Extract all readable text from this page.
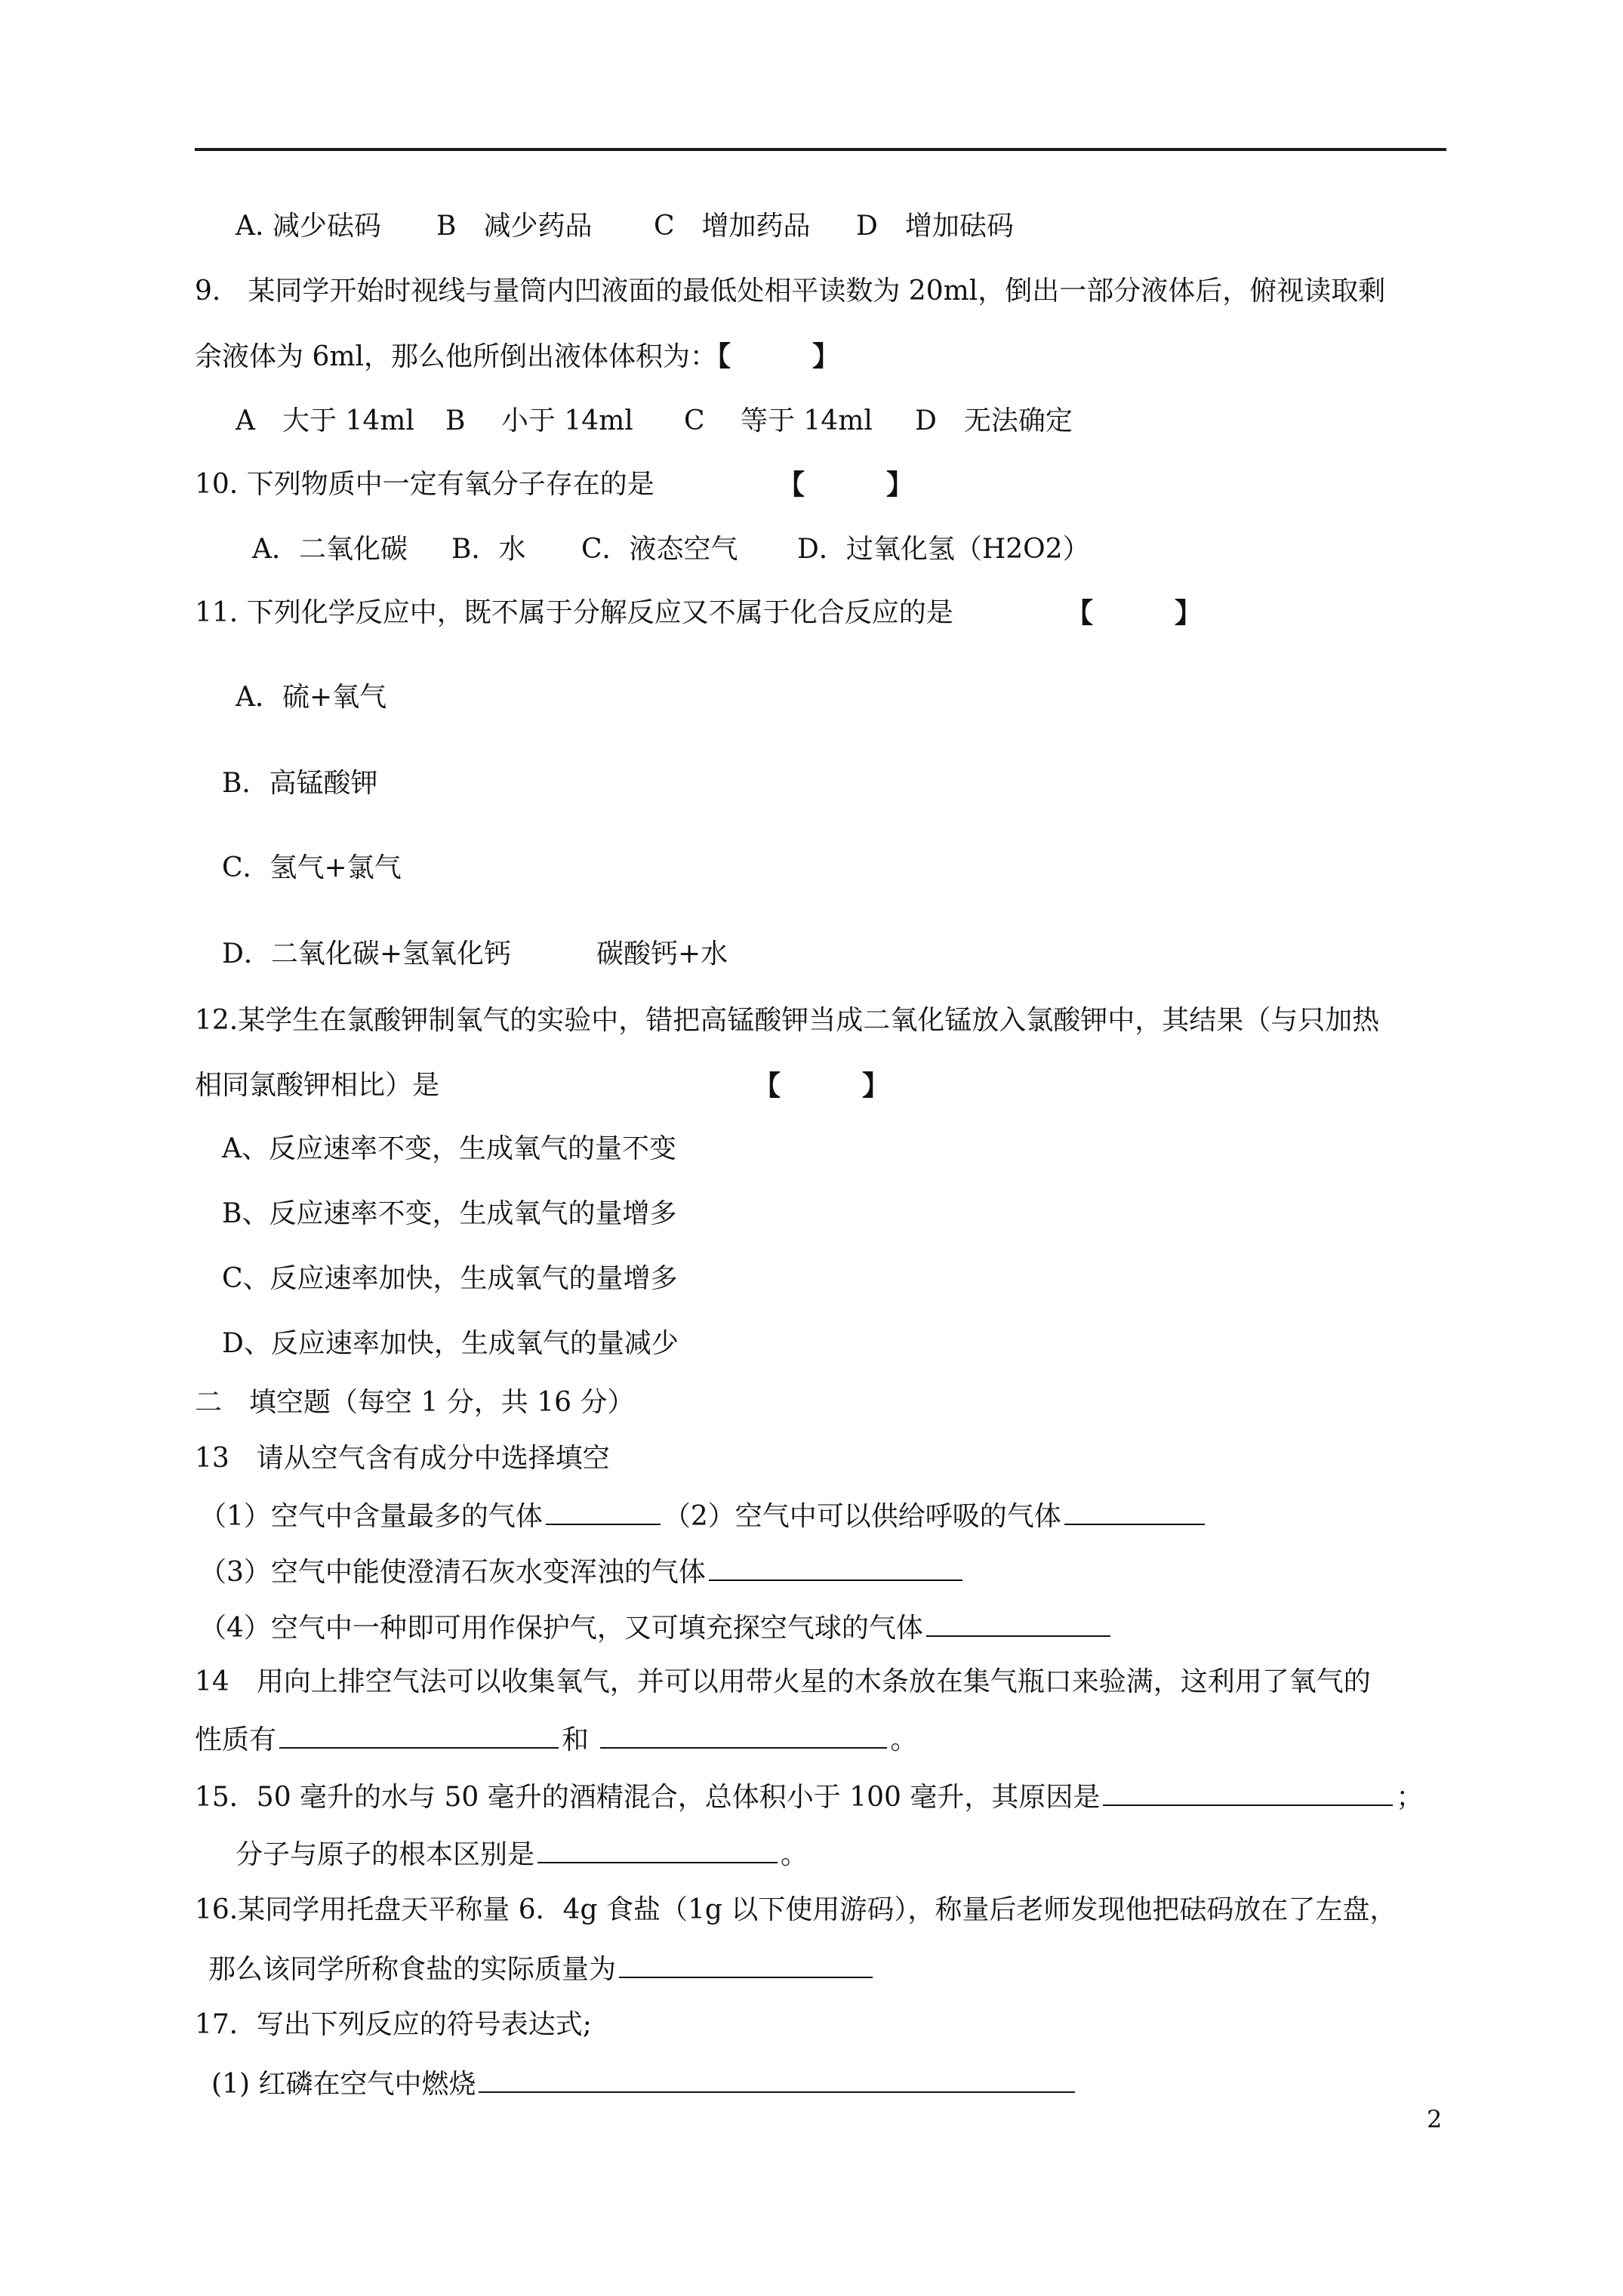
A. 减少砝码 B　减少药品 C　增加药品 D　增加砝码
9.　某同学开始时视线与量筒内凹液面的最低处相平读数为 20ml，倒出一部分液体后，俯视读取剩
余液体为 6ml，那么他所倒出液体体积为：【　　　】
A　大于 14ml B　 小于 14ml C　 等于 14ml D　无法确定
10. 下列物质中一定有氧分子存在的是	【　　　】
A．二氧化碳 B．水 C．液态空气 D．过氧化氢（H2O2）
11. 下列化学反应中，既不属于分解反应又不属于化合反应的是	【　　　】
A．硫+氧气
B．高锰酸钾
C．氢气+氯气
D．二氧化碳+氢氧化钙	碳酸钙+水
12.某学生在氯酸钾制氧气的实验中，错把高锰酸钾当成二氧化锰放入氯酸钾中，其结果（与只加热
相同氯酸钾相比）是	【　　　】
A、反应速率不变，生成氧气的量不变
B、反应速率不变，生成氧气的量增多
C、反应速率加快，生成氧气的量增多
D、反应速率加快，生成氧气的量减少
二　填空题（每空 1 分，共 16 分）
13　请从空气含有成分中选择填空
（1）空气中含量最多的气体	（2）空气中可以供给呼吸的气体
（3）空气中能使澄清石灰水变浑浊的气体
（4）空气中一种即可用作保护气，又可填充探空气球的气体
14　用向上排空气法可以收集氧气，并可以用带火星的木条放在集气瓶口来验满，这利用了氧气的
性质有	和	。
15．50 毫升的水与 50 毫升的酒精混合，总体积小于 100 毫升，其原因是	；
分子与原子的根本区别是	。
16.某同学用托盘天平称量 6．4g 食盐（1g 以下使用游码），称量后老师发现他把砝码放在了左盘，
那么该同学所称食盐的实际质量为
17．写出下列反应的符号表达式;
(1) 红磷在空气中燃烧
2
